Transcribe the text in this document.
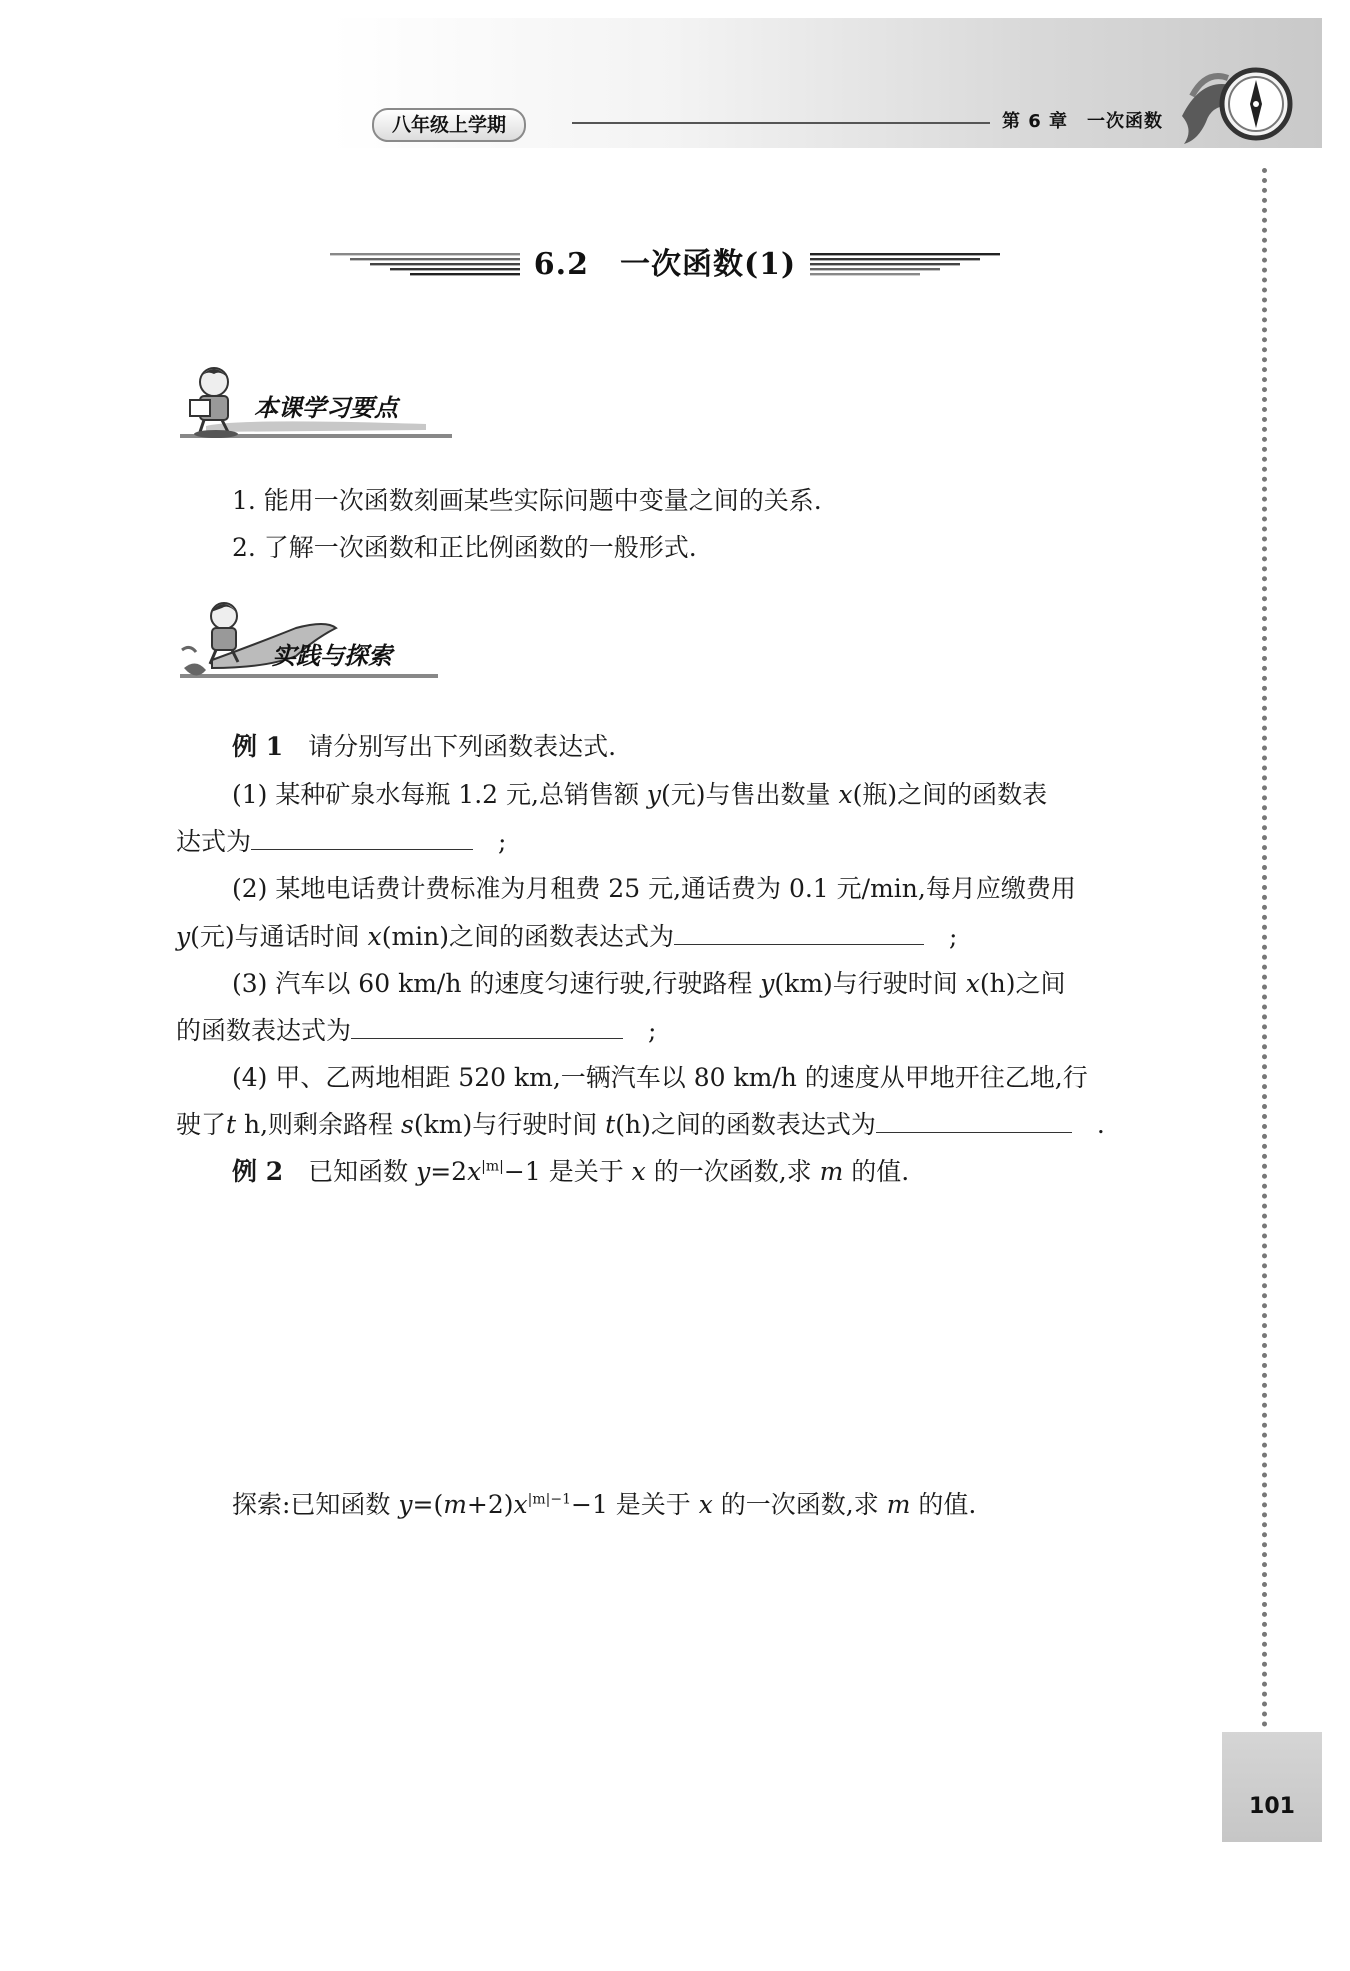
八年级上学期	第 6 章　一次函数
6.2　一次函数(1)
本课学习要点
1. 能用一次函数刻画某些实际问题中变量之间的关系.
2. 了解一次函数和正比例函数的一般形式.
实践与探索
例 1　 请分别写出下列函数表达式.
(1) 某种矿泉水每瓶 1.2 元,总销售额 y(元)与售出数量 x(瓶)之间的函数表
达式为　	;
(2) 某地电话费计费标准为月租费 25 元,通话费为 0.1 元/min,每月应缴费用
y(元)与通话时间 x(min)之间的函数表达式为　	;
(3) 汽车以 60 km/h 的速度匀速行驶,行驶路程 y(km)与行驶时间 x(h)之间
的函数表达式为　	;
(4) 甲、乙两地相距 520 km,一辆汽车以 80 km/h 的速度从甲地开往乙地,行
驶了t h,则剩余路程 s(km)与行驶时间 t(h)之间的函数表达式为　	.
例 2　 已知函数 $y=2x^{|m|}-1$ 是关于 x 的一次函数,求 m 的值.
探索:已知函数 $y=(m+2)x^{|m|-1}-1$ 是关于 x 的一次函数,求 m 的值.
101
